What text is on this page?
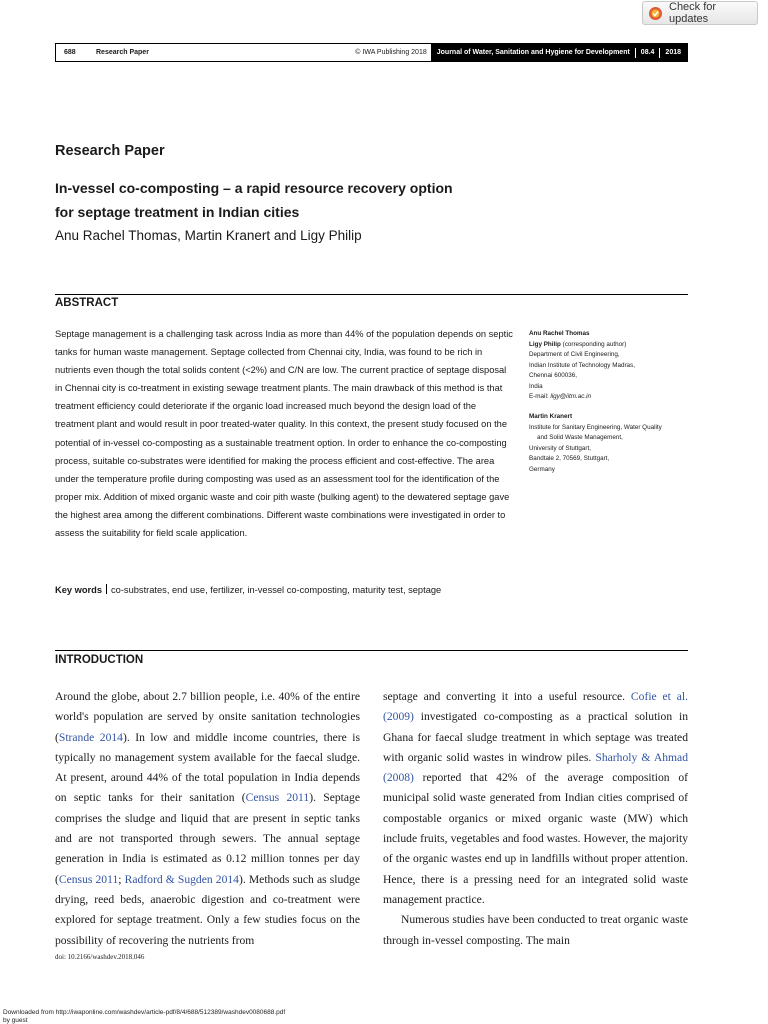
Check for updates
688	Research Paper	© IWA Publishing 2018	Journal of Water, Sanitation and Hygiene for Development 08.4 2018
Research Paper
In-vessel co-composting – a rapid resource recovery option
for septage treatment in Indian cities
Anu Rachel Thomas, Martin Kranert and Ligy Philip
ABSTRACT

Septage management is a challenging task across India as more than 44% of the population depends on septic tanks for human waste management. Septage collected from Chennai city, India, was found to be rich in nutrients even though the total solids content (<2%) and C/N are low. The current practice of septage disposal in Chennai city is co-treatment in existing sewage treatment plants. The main drawback of this method is that treatment efficiency could deteriorate if the organic load increased much beyond the design load of the treatment plant and would result in poor treated-water quality. In this context, the present study focused on the potential of in-vessel co-composting as a sustainable treatment option. In order to enhance the co-composting process, suitable co-substrates were identified for making the process efficient and cost-effective. The area under the temperature profile during composting was used as an assessment tool for the identification of the proper mix. Addition of mixed organic waste and coir pith waste (bulking agent) to the dewatered septage gave the highest area among the different combinations. Different waste combinations were investigated in order to assess the suitability for field scale application.

Key words co-substrates, end use, fertilizer, in-vessel co-composting, maturity test, septage
Anu Rachel Thomas
Ligy Philip (corresponding author)
Department of Civil Engineering,
Indian Institute of Technology Madras,
Chennai 600036,
India
E-mail: ligy@iitm.ac.in
Martin Kranert
Institute for Sanitary Engineering, Water Quality
and Solid Waste Management,
University of Stuttgart,
Bandtale 2, 70569, Stuttgart,
Germany
INTRODUCTION

Around the globe, about 2.7 billion people, i.e. 40% of the entire world's population are served by onsite sanitation technologies (Strande 2014). In low and middle income countries, there is typically no management system available for the faecal sludge. At present, around 44% of the total population in India depends on septic tanks for their sanitation (Census 2011). Septage comprises the sludge and liquid that are present in septic tanks and are not transported through sewers. The annual septage generation in India is estimated as 0.12 million tonnes per day (Census 2011; Radford & Sugden 2014). Methods such as sludge drying, reed beds, anaerobic digestion and co-treatment were explored for septage treatment. Only a few studies focus on the possibility of recovering the nutrients from

septage and converting it into a useful resource. Cofie et al. (2009) investigated co-composting as a practical solution in Ghana for faecal sludge treatment in which septage was treated with organic solid wastes in windrow piles. Sharholy & Ahmad (2008) reported that 42% of the average composition of municipal solid waste generated from Indian cities comprised of compostable organics or mixed organic waste (MW) which include fruits, vegetables and food wastes. However, the majority of the organic wastes end up in landfills without proper attention. Hence, there is a pressing need for an integrated solid waste management practice.

Numerous studies have been conducted to treat organic waste through in-vessel composting. The main

doi: 10.2166/washdev.2018.046
Downloaded from http://iwaponline.com/washdev/article-pdf/8/4/688/512389/washdev0080688.pdf
by guest
